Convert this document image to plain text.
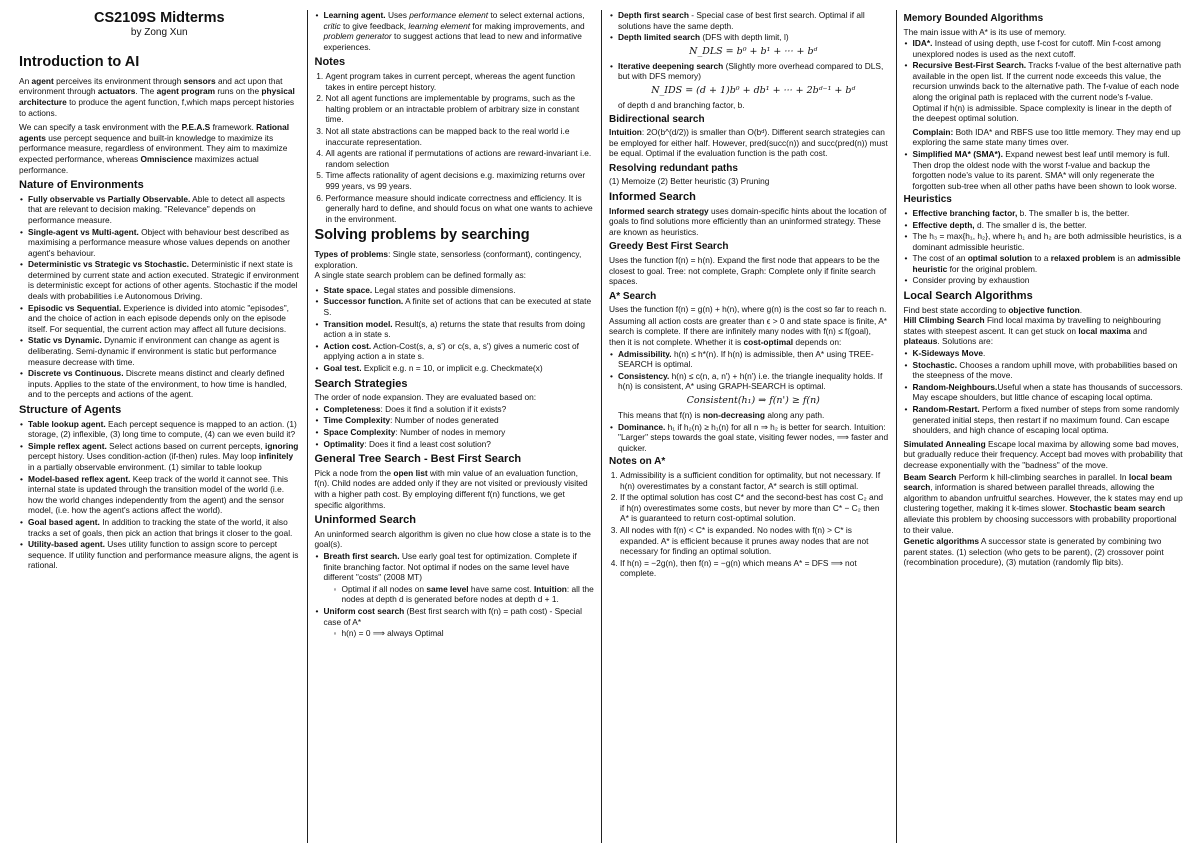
CS2109S Midterms
by Zong Xun
Introduction to AI

An agent perceives its environment through sensors and act upon that environment through actuators. The agent program runs on the physical architecture to produce the agent function, f,which maps percept histories to actions.

We can specify a task environment with the P.E.A.S framework. Rational agents use percept sequence and built-in knowledge to maximize its performance measure, regardless of environment. They aim to maximize expected performance, whereas Omniscience maximizes actual performance.

Nature of Environments
• Fully observable vs Partially Observable. Able to detect all aspects that are relevant to decision making. "Relevance" depends on performance measure.
• Single-agent vs Multi-agent. Object with behaviour best described as maximising a performance measure whose values depends on another agent's behaviour.
• Deterministic vs Strategic vs Stochastic. Deterministic if next state is determined by current state and action executed. Strategic if environment is deterministic except for actions of other agents. Stochastic if the model deals with probabilities i.e Autonomous Driving.
• Episodic vs Sequential. Experience is divided into atomic "episodes", and the choice of action in each episode depends only on the episode itself. For sequential, the current action may affect all future decisions.
• Static vs Dynamic. Dynamic if environment can change as agent is deliberating. Semi-dynamic if environment is static but performance measure decrease with time.
• Discrete vs Continuous. Discrete means distinct and clearly defined inputs. Applies to the state of the environment, to how time is handled, and to the percepts and actions of the agent.
Structure of Agents
• Table lookup agent. Each percept sequence is mapped to an action. (1) storage, (2) inflexible, (3) long time to compute, (4) can we even build it?
• Simple reflex agent. Select actions based on current percepts, ignoring percept history. Uses condition-action (if-then) rules. May loop infinitely in a partially observable environment. (1) similar to table lookup
• Model-based reflex agent. Keep track of the world it cannot see. This internal state is updated through the transition model of the world (i.e. how the world changes independently from the agent) and the sensor model, (i.e. how the agent's actions affect the world).
• Goal based agent. In addition to tracking the state of the world, it also tracks a set of goals, then pick an action that brings it closer to the goal.
• Utility-based agent. Uses utility function to assign score to percept sequence. If utility function and performance measure aligns, the agent is rational.
• Learning agent. Uses performance element to select external actions, critic to give feedback, learning element for making improvements, and problem generator to suggest actions that lead to new and informative experiences.
Notes
1. Agent program takes in current percept, whereas the agent function takes in entire percept history.
2. Not all agent functions are implementable by programs, such as the halting problem or an intractable problem of arbitrary size in constant time.
3. Not all state abstractions can be mapped back to the real world i.e inaccurate representation.
4. All agents are rational if permutations of actions are reward-invariant i.e. random selection
5. Time affects rationality of agent decisions e.g. maximizing returns over 999 years, vs 99 years.
6. Performance measure should indicate correctness and efficiency. It is generally hard to define, and should focus on what one wants to achieve in the environment.
Solving problems by searching

Types of problems: Single state, sensorless (conformant), contingency, exploration.
A single state search problem can be defined formally as:

• State space. Legal states and possible dimensions.
• Successor function. A finite set of actions that can be executed at state S.
• Transition model. Result(s, a) returns the state that results from doing action a in state s.
• Action cost. Action-Cost(s, a, s') or c(s, a, s') gives a numeric cost of applying action a in state s.
• Goal test. Explicit e.g. n = 10, or implicit e.g. Checkmate(x)
Search Strategies

The order of node expansion. They are evaluated based on:

• Completeness: Does it find a solution if it exists?
• Time Complexity: Number of nodes generated
• Space Complexity: Number of nodes in memory
• Optimality: Does it find a least cost solution?
General Tree Search - Best First Search

Pick a node from the open list with min value of an evaluation function, f(n). Child nodes are added only if they are not visited or previously visited with a higher path cost. By employing different f(n) functions, we get specific algorithms.

Uninformed Search

An uninformed search algorithm is given no clue how close a state is to the goal(s).

• Breath first search. Use early goal test for optimization. Complete if finite branching factor. Not optimal if nodes on the same level have different "costs" (2008 MT)
◦ Optimal if all nodes on same level have same cost. Intuition: all the nodes at depth d is generated before nodes at depth d + 1.
• Uniform cost search (Best first search with f(n) = path cost) - Special case of A*
◦ h(n) = 0 ⟹ always Optimal
• Depth first search - Special case of best first search. Optimal if all solutions have the same depth.
• Depth limited search (DFS with depth limit, l)
N_DLS = b⁰ + b¹ + ··· + bᵈ
• Iterative deepening search (Slightly more overhead compared to DLS, but with DFS memory)
N_IDS = (d + 1)b⁰ + db¹ + ··· + 2bᵈ⁻¹ + bᵈ
of depth d and branching factor, b.
Bidirectional search

Intuition: 2O(b^(d/2)) is smaller than O(bᵈ). Different search strategies can be employed for either half. However, pred(succ(n)) and succ(pred(n)) must be equal. Optimal if the evaluation function is the path cost.

Resolving redundant paths

(1) Memoize (2) Better heuristic (3) Pruning

Informed Search

Informed search strategy uses domain-specific hints about the location of goals to find solutions more efficiently than an uninformed strategy. These are known as heuristics.

Greedy Best First Search

Uses the function f(n) = h(n). Expand the first node that appears to be the closest to goal. Tree: not complete, Graph: Complete only if finite search spaces.

A* Search

Uses the function f(n) = g(n) + h(n), where g(n) is the cost so far to reach n.

Assuming all action costs are greater than ϵ > 0 and state space is finite, A* search is complete. If there are infinitely many nodes with f(n) ≤ f(goal), then it is not complete. Whether it is cost-optimal depends on:

• Admissibility. h(n) ≤ h*(n). If h(n) is admissible, then A* using TREE-SEARCH is optimal.
• Consistency. h(n) ≤ c(n, a, n') + h(n') i.e. the triangle inequality holds. If h(n) is consistent, A* using GRAPH-SEARCH is optimal.
Consistent(h₁) ⇒ f(n') ≥ f(n)
This means that f(n) is non-decreasing along any path.
• Dominance. h₁ if h₂(n) ≥ h₁(n) for all n ⇒ h₂ is better for search. Intuition: "Larger" steps towards the goal state, visiting fewer nodes, ⟹ faster and quicker.
Notes on A*
1. Admissibility is a sufficient condition for optimality, but not necessary. If h(n) overestimates by a constant factor, A* search is still optimal.
2. If the optimal solution has cost C* and the second-best has cost C₂ and if h(n) overestimates some costs, but never by more than C* − C₂ then A* is guaranteed to return cost-optimal solution.
3. All nodes with f(n) < C* is expanded. No nodes with f(n) > C* is expanded. A* is efficient because it prunes away nodes that are not necessary for finding an optimal solution.
4. If h(n) = −2g(n), then f(n) = −g(n) which means A* = DFS ⟹ not complete.
Memory Bounded Algorithms

The main issue with A* is its use of memory.

• IDA*. Instead of using depth, use f-cost for cutoff. Min f-cost among unexplored nodes is used as the next cutoff.
• Recursive Best-First Search. Tracks f-value of the best alternative path available in the open list. If the current node exceeds this value, the recursion unwinds back to the alternative path. The f-value of each node along the original path is replaced with the current node's f-value. Optimal if h(n) is admissible. Space complexity is linear in the depth of the deepest optimal solution.
Complain: Both IDA* and RBFS use too little memory. They may end up exploring the same state many times over.
• Simplified MA* (SMA*). Expand newest best leaf until memory is full. Then drop the oldest node with the worst f-value and backup the forgotten node's value to its parent. SMA* will only regenerate the forgotten sub-tree when all other paths have been shown to look worse.
Heuristics
• Effective branching factor, b. The smaller b is, the better.
• Effective depth, d. The smaller d is, the better.
• The h₃ = max{h₁, h₂}, where h₁ and h₂ are both admissible heuristics, is a dominant admissible heuristic.
• The cost of an optimal solution to a relaxed problem is an admissible heuristic for the original problem.
• Consider proving by exhaustion
Local Search Algorithms

Find best state according to objective function.
Hill Climbing Search Find local maxima by travelling to neighbouring states with steepest ascent. It can get stuck on local maxima and plateaus. Solutions are:

• K-Sideways Move.
• Stochastic. Chooses a random uphill move, with probabilities based on the steepness of the move.
• Random-Neighbours.Useful when a state has thousands of successors. May escape shoulders, but little chance of escaping local optima.
• Random-Restart. Perform a fixed number of steps from some randomly generated initial steps, then restart if no maximum found. Can escape shoulders, and high chance of escaping local optima.

Simulated Annealing Escape local maxima by allowing some bad moves, but gradually reduce their frequency. Accept bad moves with probability that decrease exponentially with the "badness" of the move.

Beam Search Perform k hill-climbing searches in parallel. In local beam search, information is shared between parallel threads, allowing the algorithm to abandon unfruitful searches. However, the k states may end up clustering together, making it k-times slower. Stochastic beam search alleviate this problem by choosing successors with probability proportional to their value.

Genetic algorithms A successor state is generated by combining two parent states. (1) selection (who gets to be parent), (2) crossover point (recombination procedure), (3) mutation (randomly flip bits).
